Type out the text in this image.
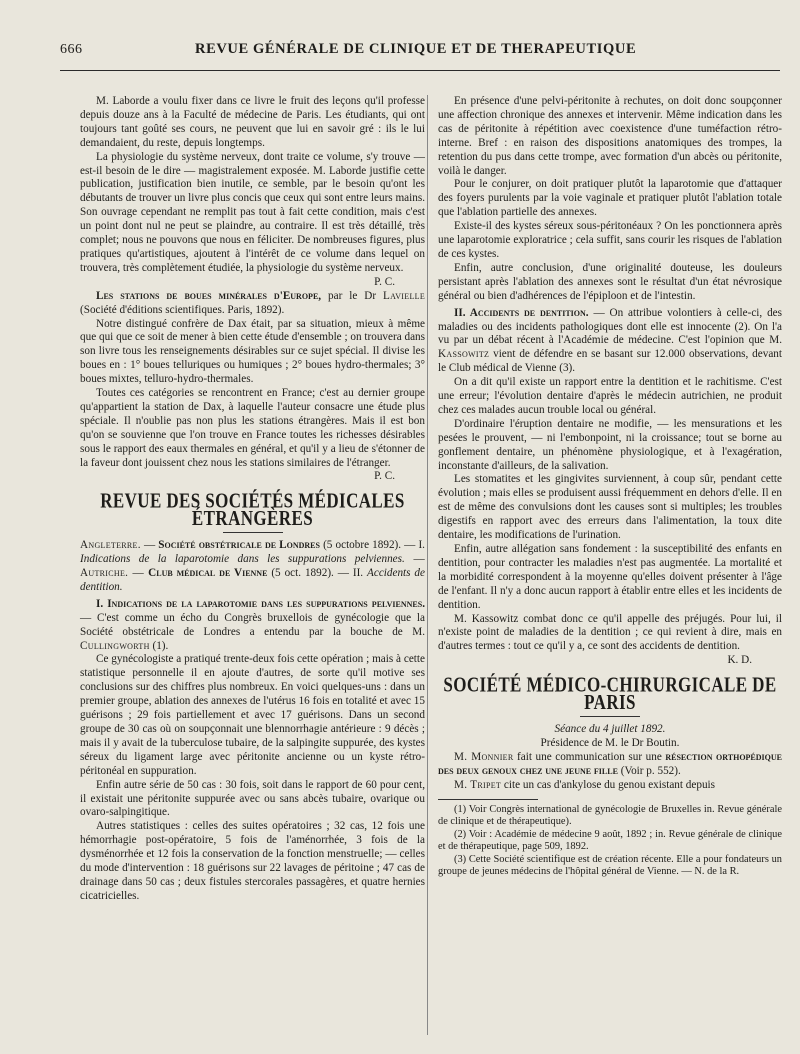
666	REVUE GÉNÉRALE DE CLINIQUE ET DE THERAPEUTIQUE

M. Laborde a voulu fixer dans ce livre le fruit des leçons qu'il professe depuis douze ans à la Faculté de médecine de Paris. Les étudiants, qui ont toujours tant goûté ses cours, ne peuvent que lui en savoir gré : ils le lui demandaient, du reste, depuis longtemps.

La physiologie du système nerveux, dont traite ce volume, s'y trouve — est-il besoin de le dire — magistralement exposée. M. Laborde justifie cette publication, justification bien inutile, ce semble, par le besoin qu'ont les débutants de trouver un livre plus concis que ceux qui sont entre leurs mains. Son ouvrage cependant ne remplit pas tout à fait cette condition, mais c'est un point dont nul ne peut se plaindre, au contraire. Il est très détaillé, très complet; nous ne pouvons que nous en féliciter. De nombreuses figures, plus pratiques qu'artistiques, ajoutent à l'intérêt de ce volume dans lequel on trouvera, très complètement étudiée, la physiologie du système nerveux.

P. C.

Les stations de boues minérales d'Europe, par le Dr Lavielle (Société d'éditions scientifiques. Paris, 1892).

Notre distingué confrère de Dax était, par sa situation, mieux à même que qui que ce soit de mener à bien cette étude d'ensemble ; on trouvera dans son livre tous les renseignements désirables sur ce sujet spécial. Il divise les boues en : 1° boues telluriques ou humiques ; 2° boues hydro-thermales; 3° boues mixtes, telluro-hydro-thermales.

Toutes ces catégories se rencontrent en France; c'est au dernier groupe qu'appartient la station de Dax, à laquelle l'auteur consacre une étude plus spéciale. Il n'oublie pas non plus les stations étrangères. Mais il est bon qu'on se souvienne que l'on trouve en France toutes les richesses désirables sous le rapport des eaux thermales en général, et qu'il y a lieu de s'étonner de la faveur dont jouissent chez nous les stations similaires de l'étranger.

P. C.

REVUE DES SOCIÉTÉS MÉDICALES ÉTRANGÈRES

Angleterre. — Société obstétricale de Londres (5 octobre 1892). — I. Indications de la laparotomie dans les suppurations pelviennes. — Autriche. — Club médical de Vienne (5 oct. 1892). — II. Accidents de dentition.

I. Indications de la laparotomie dans les suppurations pelviennes. — C'est comme un écho du Congrès bruxellois de gynécologie que la Société obstétricale de Londres a entendu par la bouche de M. Cullingworth (1).

Ce gynécologiste a pratiqué trente-deux fois cette opération ; mais à cette statistique personnelle il en ajoute d'autres, de sorte qu'il motive ses conclusions sur des chiffres plus nombreux. En voici quelques-uns : dans un premier groupe, ablation des annexes de l'utérus 16 fois en totalité et avec 15 guérisons ; 29 fois partiellement et avec 17 guérisons. Dans un second groupe de 30 cas où on soupçonnait une blennorrhagie antérieure : 9 décès ; mais il y avait de la tuberculose tubaire, de la salpingite suppurée, des kystes séreux du ligament large avec péritonite ancienne ou un kyste rétro-péritonéal en suppuration.

Enfin autre série de 50 cas : 30 fois, soit dans le rapport de 60 pour cent, il existait une péritonite suppurée avec ou sans abcès tubaire, ovarique ou ovaro-salpingitique.

Autres statistiques : celles des suites opératoires ; 32 cas, 12 fois une hémorrhagie post-opératoire, 5 fois de l'aménorrhée, 3 fois de la dysménorrhée et 12 fois la conservation de la fonction menstruelle; — celles du mode d'intervention : 18 guérisons sur 22 lavages de péritoine ; 47 cas de drainage dans 50 cas ; deux fistules stercorales passagères, et quatre hernies cicatricielles.

En présence d'une pelvi-péritonite à rechutes, on doit donc soupçonner une affection chronique des annexes et intervenir. Même indication dans les cas de péritonite à répétition avec coexistence d'une tuméfaction rétro-interne. Bref : en raison des dispositions anatomiques des trompes, la retention du pus dans cette trompe, avec formation d'un abcès ou péritonite, voilà le danger.

Pour le conjurer, on doit pratiquer plutôt la laparotomie que d'attaquer des foyers purulents par la voie vaginale et pratiquer plutôt l'ablation totale que l'ablation partielle des annexes.

Existe-il des kystes séreux sous-péritonéaux ? On les ponctionnera après une laparotomie exploratrice ; cela suffit, sans courir les risques de l'ablation de ces kystes.

Enfin, autre conclusion, d'une originalité douteuse, les douleurs persistant après l'ablation des annexes sont le résultat d'un état névrosique général ou bien d'adhérences de l'épiploon et de l'intestin.

II. Accidents de dentition. — On attribue volontiers à celle-ci, des maladies ou des incidents pathologiques dont elle est innocente (2). On l'a vu par un débat récent à l'Académie de médecine. C'est l'opinion que M. Kassowitz vient de défendre en se basant sur 12.000 observations, devant le Club médical de Vienne (3).

On a dit qu'il existe un rapport entre la dentition et le rachitisme. C'est une erreur; l'évolution dentaire d'après le médecin autrichien, ne produit chez ces malades aucun trouble local ou général.

D'ordinaire l'éruption dentaire ne modifie, — les mensurations et les pesées le prouvent, — ni l'embonpoint, ni la croissance; tout se borne au gonflement dentaire, un phénomène physiologique, et à l'exagération, inconstante d'ailleurs, de la salivation.

Les stomatites et les gingivites surviennent, à coup sûr, pendant cette évolution ; mais elles se produisent aussi fréquemment en dehors d'elle. Il en est de même des convulsions dont les causes sont si multiples; les troubles digestifs en rapport avec des erreurs dans l'alimentation, la toux dite dentaire, les modifications de l'urination.

Enfin, autre allégation sans fondement : la susceptibilité des enfants en dentition, pour contracter les maladies n'est pas augmentée. La mortalité et la morbidité correspondent à la moyenne qu'elles doivent présenter à l'âge de l'enfant. Il n'y a donc aucun rapport à établir entre elles et les incidents de dentition.

M. Kassowitz combat donc ce qu'il appelle des préjugés. Pour lui, il n'existe point de maladies de la dentition ; ce qui revient à dire, mais en d'autres termes : tout ce qu'il y a, ce sont des accidents de dentition.

K. D.

SOCIÉTÉ MÉDICO-CHIRURGICALE DE PARIS

Séance du 4 juillet 1892.

Présidence de M. le Dr Boutin.

M. Monnier fait une communication sur une résection orthopédique des deux genoux chez une jeune fille (Voir p. 552).

M. Tripet cite un cas d'ankylose du genou existant depuis

(1) Voir Congrès international de gynécologie de Bruxelles in. Revue générale de clinique et de thérapeutique).

(2) Voir : Académie de médecine 9 août, 1892 ; in. Revue générale de clinique et de thérapeutique, page 509, 1892.

(3) Cette Société scientifique est de création récente. Elle a pour fondateurs un groupe de jeunes médecins de l'hôpital général de Vienne. — N. de la R.
